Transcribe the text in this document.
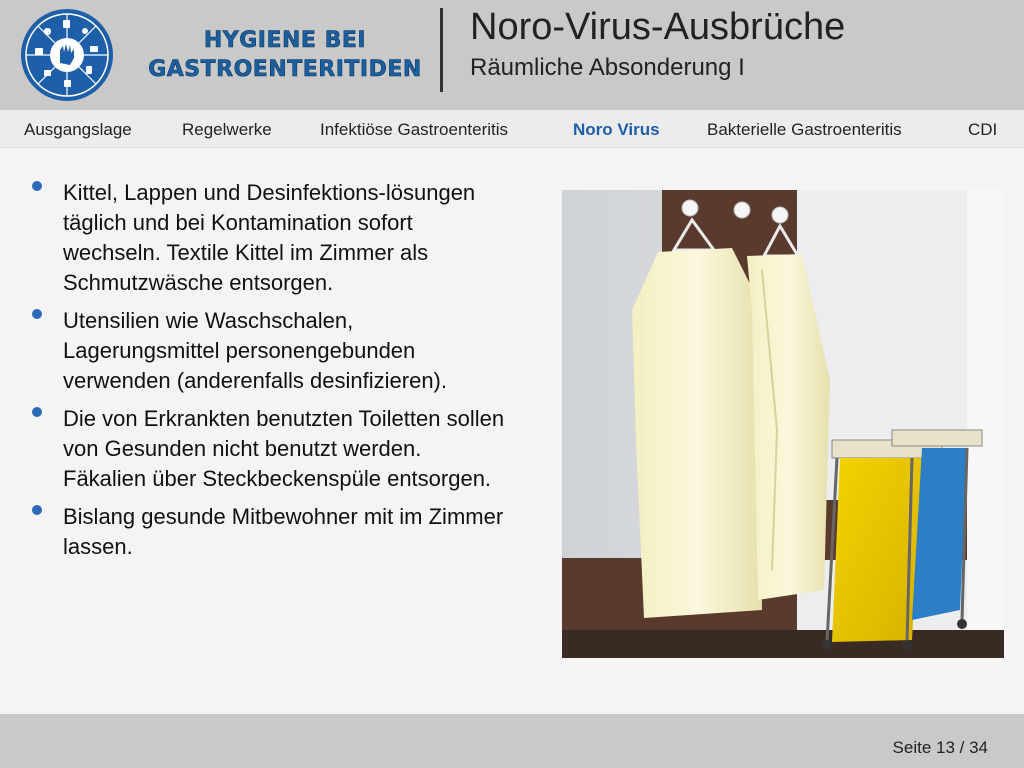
HYGIENE BEI
GASTROENTERITIDEN
Noro-Virus-Ausbrüche
Räumliche Absonderung I
Ausgangslage	Regelwerke	Infektiöse Gastroenteritis	Noro Virus	Bakterielle Gastroenteritis	CDI
Kittel, Lappen und Desinfektions-lösungen täglich und bei Kontamination sofort wechseln. Textile Kittel im Zimmer als Schmutzwäsche entsorgen.
Utensilien wie Waschschalen, Lagerungsmittel personengebunden verwenden (anderenfalls desinfizieren).
Die von Erkrankten benutzten Toiletten sollen von Gesunden nicht benutzt werden. Fäkalien über Steckbeckenspüle entsorgen.
Bislang gesunde Mitbewohner mit im Zimmer lassen.
Seite 13 / 34
